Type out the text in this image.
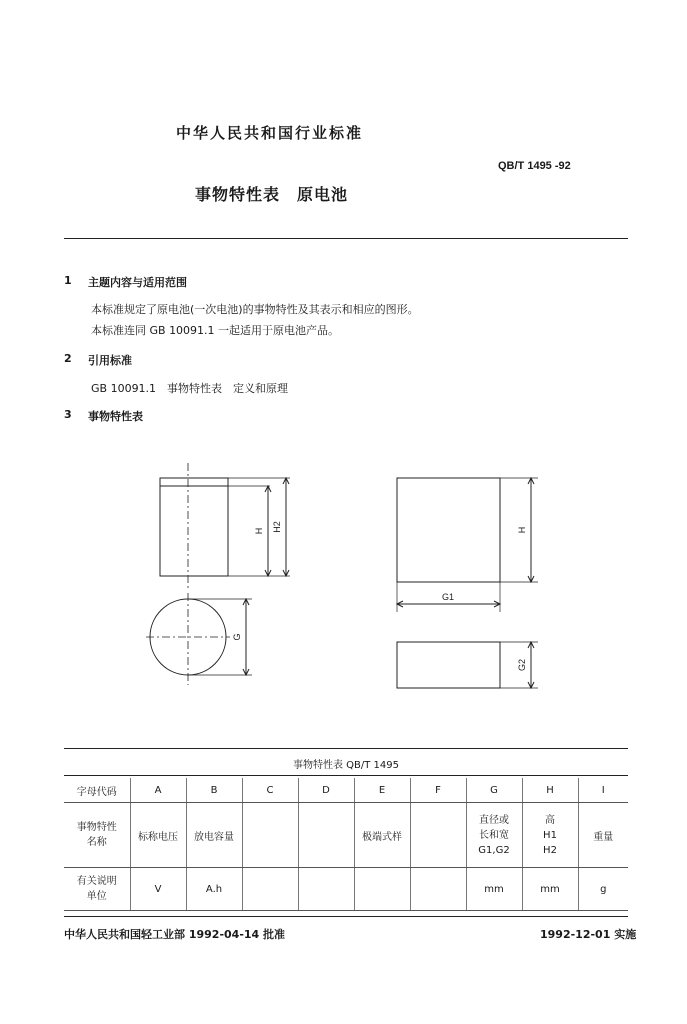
中华人民共和国行业标准
QB/T 1495 -92
事物特性表　原电池
1 主题内容与适用范围
本标准规定了原电池(一次电池)的事物特性及其表示和相应的图形。
本标准连同 GB 10091.1 一起适用于原电池产品。
2 引用标准
GB 10091.1　事物特性表　定义和原理
3 事物特性表
H H2
G
H
G1
G2
事物特性表 QB/T 1495
字母代码	A	B	C	D	E	F	G	H	I
事物特性
名称	标称电压	放电容量			极端式样		直径或
长和宽
G1,G2	高
H1
H2	重量
有关说明
单位	V	A.h					mm	mm	g
中华人民共和国轻工业部 1992-04-14 批准	1992-12-01 实施
